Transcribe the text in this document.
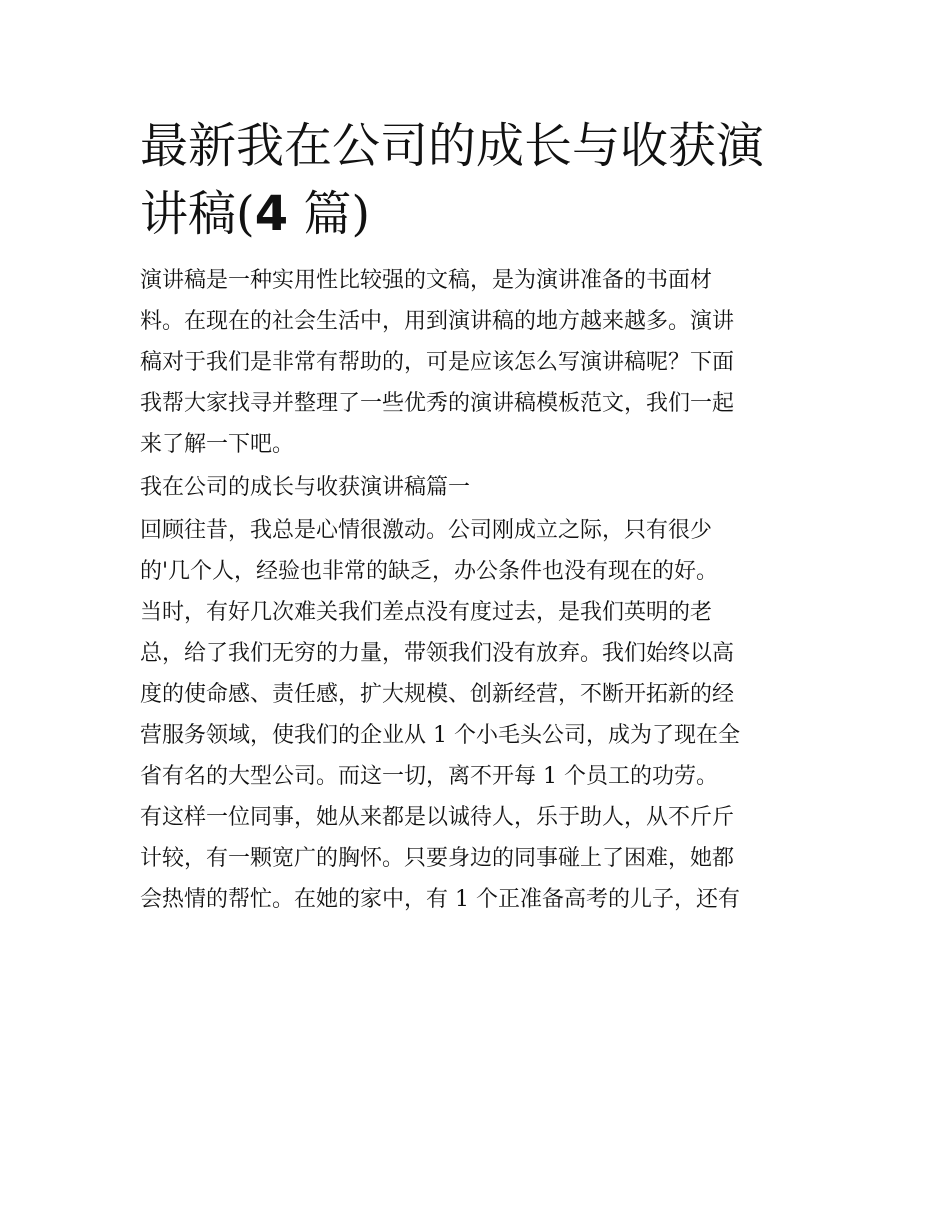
最新我在公司的成长与收获演
讲稿(4 篇)
演讲稿是一种实用性比较强的文稿，是为演讲准备的书面材
料。在现在的社会生活中，用到演讲稿的地方越来越多。演讲
稿对于我们是非常有帮助的，可是应该怎么写演讲稿呢？下面
我帮大家找寻并整理了一些优秀的演讲稿模板范文，我们一起
来了解一下吧。
我在公司的成长与收获演讲稿篇一
回顾往昔，我总是心情很激动。公司刚成立之际，只有很少
的'几个人，经验也非常的缺乏，办公条件也没有现在的好。
当时，有好几次难关我们差点没有度过去，是我们英明的老
总，给了我们无穷的力量，带领我们没有放弃。我们始终以高
度的使命感、责任感，扩大规模、创新经营，不断开拓新的经
营服务领域，使我们的企业从 1 个小毛头公司，成为了现在全
省有名的大型公司。而这一切，离不开每 1 个员工的功劳。
有这样一位同事，她从来都是以诚待人，乐于助人，从不斤斤
计较，有一颗宽广的胸怀。只要身边的同事碰上了困难，她都
会热情的帮忙。在她的家中，有 1 个正准备高考的儿子，还有
